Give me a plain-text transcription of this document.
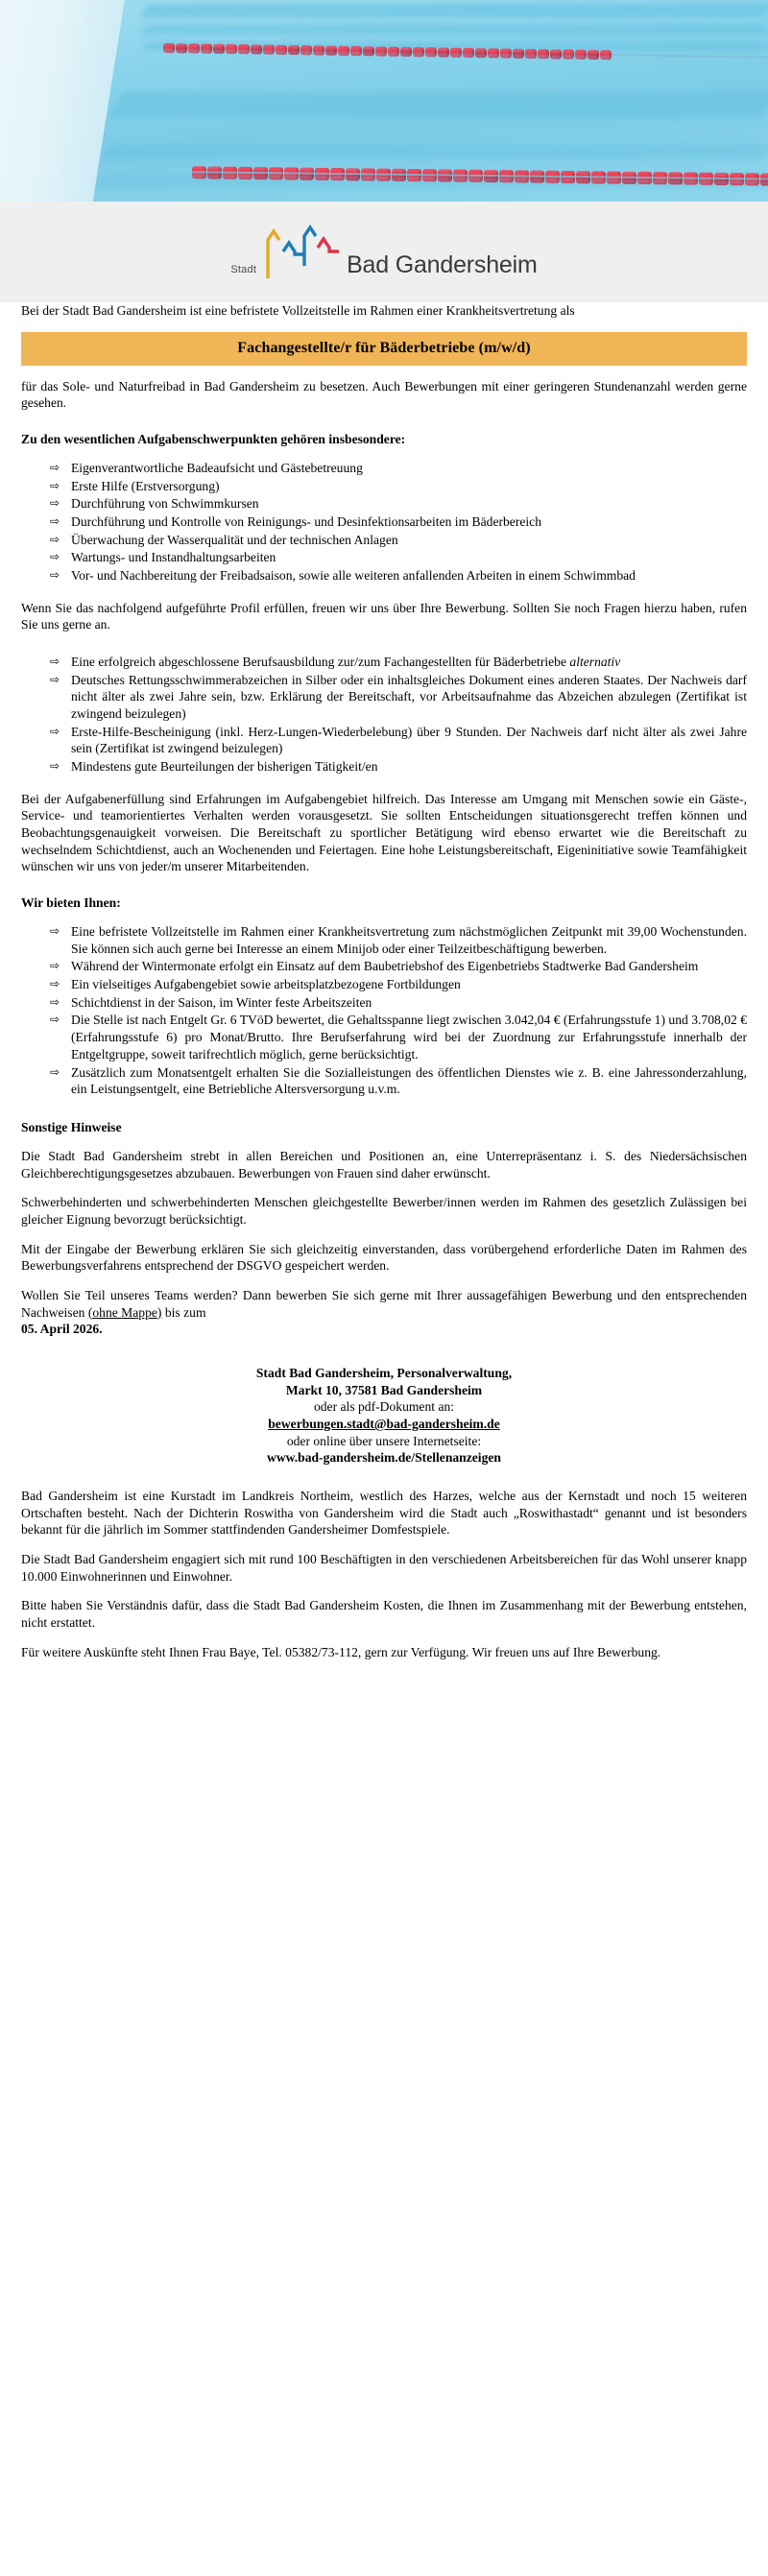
Stadt	Bad Gandersheim

Bei der Stadt Bad Gandersheim ist eine befristete Vollzeitstelle im Rahmen einer Krankheitsvertretung als

Fachangestellte/r für Bäderbetriebe (m/w/d)

für das Sole- und Naturfreibad in Bad Gandersheim zu besetzen. Auch Bewerbungen mit einer geringeren Stundenanzahl werden gerne gesehen.

Zu den wesentlichen Aufgabenschwerpunkten gehören insbesondere:
⇨ Eigenverantwortliche Badeaufsicht und Gästebetreuung
⇨ Erste Hilfe (Erstversorgung)
⇨ Durchführung von Schwimmkursen
⇨ Durchführung und Kontrolle von Reinigungs- und Desinfektionsarbeiten im Bäderbereich
⇨ Überwachung der Wasserqualität und der technischen Anlagen
⇨ Wartungs- und Instandhaltungsarbeiten
⇨ Vor- und Nachbereitung der Freibadsaison, sowie alle weiteren anfallenden Arbeiten in einem Schwimmbad

Wenn Sie das nachfolgend aufgeführte Profil erfüllen, freuen wir uns über Ihre Bewerbung. Sollten Sie noch Fragen hierzu haben, rufen Sie uns gerne an.

⇨ Eine erfolgreich abgeschlossene Berufsausbildung zur/zum Fachangestellten für Bäderbetriebe alternativ
⇨ Deutsches Rettungsschwimmerabzeichen in Silber oder ein inhaltsgleiches Dokument eines anderen Staates. Der Nachweis darf nicht älter als zwei Jahre sein, bzw. Erklärung der Bereitschaft, vor Arbeitsaufnahme das Abzeichen abzulegen (Zertifikat ist zwingend beizulegen)
⇨ Erste-Hilfe-Bescheinigung (inkl. Herz-Lungen-Wiederbelebung) über 9 Stunden. Der Nachweis darf nicht älter als zwei Jahre sein (Zertifikat ist zwingend beizulegen)
⇨ Mindestens gute Beurteilungen der bisherigen Tätigkeit/en

Bei der Aufgabenerfüllung sind Erfahrungen im Aufgabengebiet hilfreich. Das Interesse am Umgang mit Menschen sowie ein Gäste-, Service- und teamorientiertes Verhalten werden vorausgesetzt. Sie sollten Entscheidungen situationsgerecht treffen können und Beobachtungsgenauigkeit vorweisen. Die Bereitschaft zu sportlicher Betätigung wird ebenso erwartet wie die Bereitschaft zu wechselndem Schichtdienst, auch an Wochenenden und Feiertagen. Eine hohe Leistungsbereitschaft, Eigeninitiative sowie Teamfähigkeit wünschen wir uns von jeder/m unserer Mitarbeitenden.

Wir bieten Ihnen:
⇨ Eine befristete Vollzeitstelle im Rahmen einer Krankheitsvertretung zum nächstmöglichen Zeitpunkt mit 39,00 Wochenstunden. Sie können sich auch gerne bei Interesse an einem Minijob oder einer Teilzeitbeschäftigung bewerben.
⇨ Während der Wintermonate erfolgt ein Einsatz auf dem Baubetriebshof des Eigenbetriebs Stadtwerke Bad Gandersheim
⇨ Ein vielseitiges Aufgabengebiet sowie arbeitsplatzbezogene Fortbildungen
⇨ Schichtdienst in der Saison, im Winter feste Arbeitszeiten
⇨ Die Stelle ist nach Entgelt Gr. 6 TVöD bewertet, die Gehaltsspanne liegt zwischen 3.042,04 € (Erfahrungsstufe 1) und 3.708,02 € (Erfahrungsstufe 6) pro Monat/Brutto. Ihre Berufserfahrung wird bei der Zuordnung zur Erfahrungsstufe innerhalb der Entgeltgruppe, soweit tarifrechtlich möglich, gerne berücksichtigt.
⇨ Zusätzlich zum Monatsentgelt erhalten Sie die Sozialleistungen des öffentlichen Dienstes wie z. B. eine Jahressonderzahlung, ein Leistungsentgelt, eine Betriebliche Altersversorgung u.v.m.
Sonstige Hinweise

Die Stadt Bad Gandersheim strebt in allen Bereichen und Positionen an, eine Unterrepräsentanz i. S. des Niedersächsischen Gleichberechtigungsgesetzes abzubauen. Bewerbungen von Frauen sind daher erwünscht.

Schwerbehinderten und schwerbehinderten Menschen gleichgestellte Bewerber/innen werden im Rahmen des gesetzlich Zulässigen bei gleicher Eignung bevorzugt berücksichtigt.

Mit der Eingabe der Bewerbung erklären Sie sich gleichzeitig einverstanden, dass vorübergehend erforderliche Daten im Rahmen des Bewerbungsverfahrens entsprechend der DSGVO gespeichert werden.

Wollen Sie Teil unseres Teams werden? Dann bewerben Sie sich gerne mit Ihrer aussagefähigen Bewerbung und den entsprechenden Nachweisen (ohne Mappe) bis zum

05. April 2026.

Stadt Bad Gandersheim, Personalverwaltung,

Markt 10, 37581 Bad Gandersheim

oder als pdf-Dokument an:

bewerbungen.stadt@bad-gandersheim.de

oder online über unsere Internetseite:

www.bad-gandersheim.de/Stellenanzeigen

Bad Gandersheim ist eine Kurstadt im Landkreis Northeim, westlich des Harzes, welche aus der Kernstadt und noch 15 weiteren Ortschaften besteht. Nach der Dichterin Roswitha von Gandersheim wird die Stadt auch „Roswithastadt“ genannt und ist besonders bekannt für die jährlich im Sommer stattfindenden Gandersheimer Domfestspiele.

Die Stadt Bad Gandersheim engagiert sich mit rund 100 Beschäftigten in den verschiedenen Arbeitsbereichen für das Wohl unserer knapp 10.000 Einwohnerinnen und Einwohner.

Bitte haben Sie Verständnis dafür, dass die Stadt Bad Gandersheim Kosten, die Ihnen im Zusammenhang mit der Bewerbung entstehen, nicht erstattet.

Für weitere Auskünfte steht Ihnen Frau Baye, Tel. 05382/73-112, gern zur Verfügung. Wir freuen uns auf Ihre Bewerbung.
